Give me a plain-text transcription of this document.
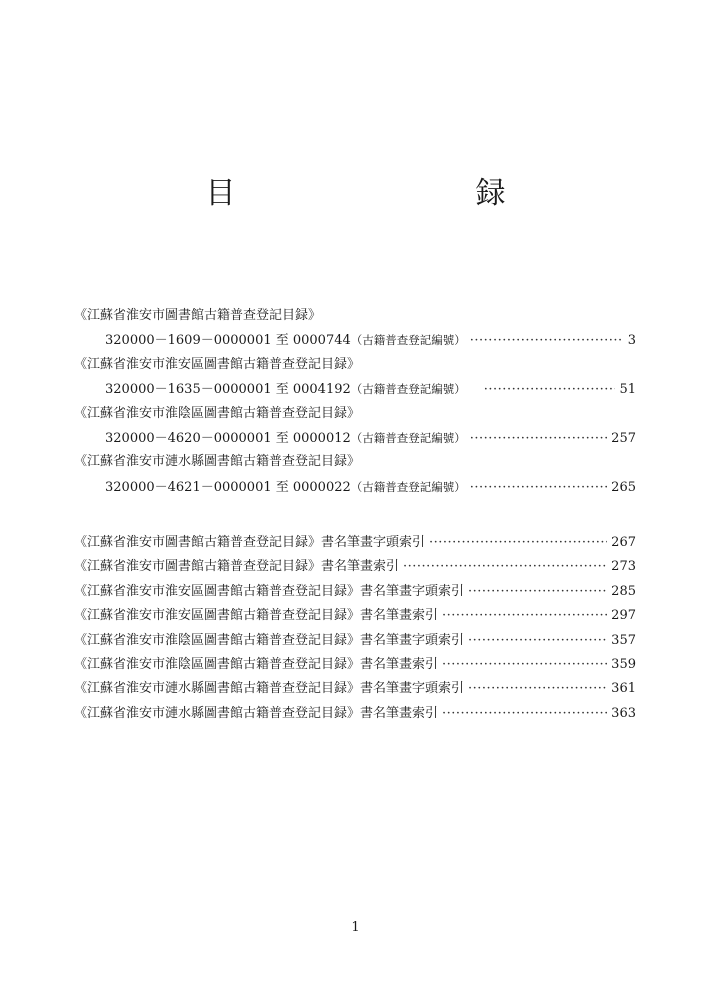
目　　録
《江蘇省淮安市圖書館古籍普查登記目録》
320000－1609－0000001 至 0000744 （古籍普查登記編號） ·····	3
《江蘇省淮安市淮安區圖書館古籍普查登記目録》
320000－1635－0000001 至 0004192 （古籍普查登記編號） ·····	51
《江蘇省淮安市淮陰區圖書館古籍普查登記目録》
320000－4620－0000001 至 0000012 （古籍普查登記編號） ·····	257
《江蘇省淮安市漣水縣圖書館古籍普查登記目録》
320000－4621－0000001 至 0000022 （古籍普查登記編號） ·····	265
《江蘇省淮安市圖書館古籍普查登記目録》書名筆畫字頭索引 ·····	267
《江蘇省淮安市圖書館古籍普查登記目録》書名筆畫索引 ·····	273
《江蘇省淮安市淮安區圖書館古籍普查登記目録》書名筆畫字頭索引 ·····	285
《江蘇省淮安市淮安區圖書館古籍普查登記目録》書名筆畫索引 ·····	297
《江蘇省淮安市淮陰區圖書館古籍普查登記目録》書名筆畫字頭索引 ·····	357
《江蘇省淮安市淮陰區圖書館古籍普查登記目録》書名筆畫索引 ·····	359
《江蘇省淮安市漣水縣圖書館古籍普查登記目録》書名筆畫字頭索引 ·····	361
《江蘇省淮安市漣水縣圖書館古籍普查登記目録》書名筆畫索引 ·····	363
1
